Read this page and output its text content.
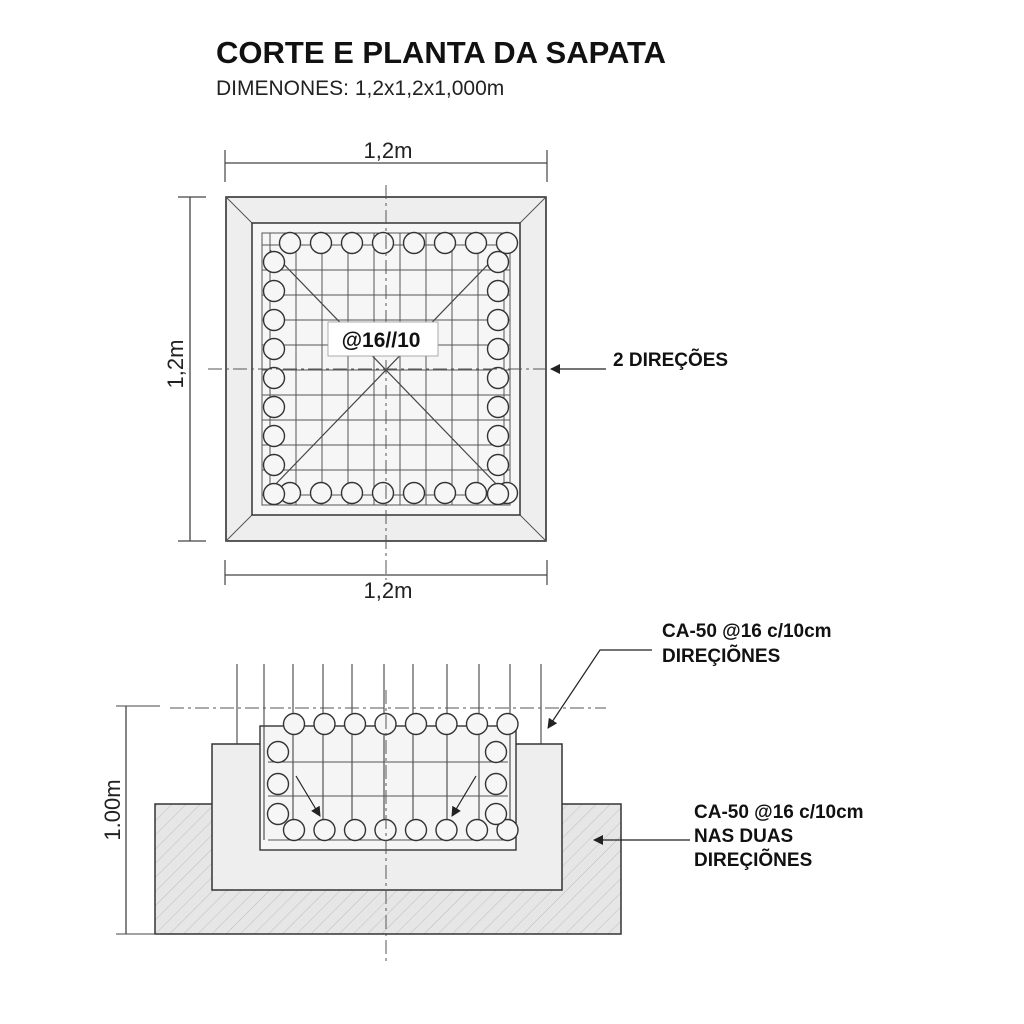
CORTE E PLANTA DA SAPATA
DIMENONES: 1,2x1,2x1,000m
1,2m
1,2m
1,2m
@16//10
2 DIREÇÕES
1.00m
CA-50 @16 c/10cm
DIREÇIÕNES
CA-50 @16 c/10cm
NAS DUAS
DIREÇIÕNES
